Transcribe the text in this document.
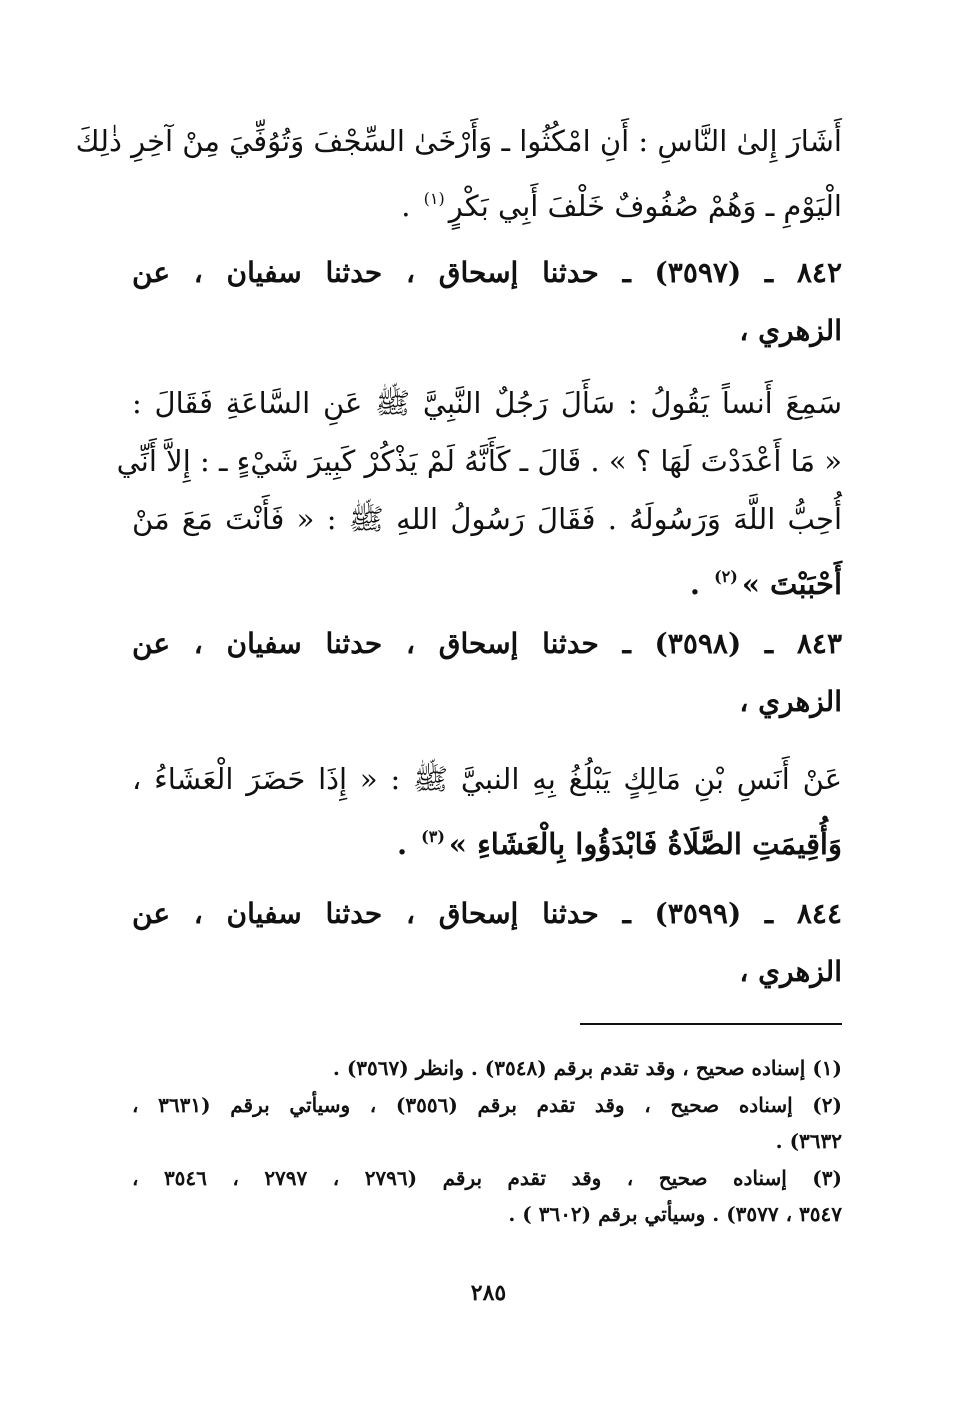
أَشَارَ إِلىٰ النَّاسِ : أَنِ امْكُثُوا ـ وَأَرْخَىٰ السِّجْفَ وَتُوُفِّيَ مِنْ آخِرِ ذٰلِكَ
الْيَوْمِ ـ وَهُمْ صُفُوفٌ خَلْفَ أَبِي بَكْرٍ$^{(١)}$ .
٨٤٢ ـ (٣٥٩٧) ـ حدثنا إسحاق ، حدثنا سفيان ، عن
الزهري ،
سَمِعَ أَنساً يَقُولُ : سَأَلَ رَجُلٌ النَّبِيَّ ﷺ عَنِ السَّاعَةِ فَقَالَ :
« مَا أَعْدَدْتَ لَهَا ؟ » . قَالَ ـ كَأَنَّهُ لَمْ يَذْكُرْ كَبِيرَ شَيْءٍ ـ : إِلاَّ أَنِّي
أُحِبُّ اللَّهَ وَرَسُولَهُ . فَقَالَ رَسُولُ اللهِ ﷺ : « فَأَنْتَ مَعَ مَنْ
أَحْبَبْتَ »$^{(٢)}$ .
٨٤٣ ـ (٣٥٩٨) ـ حدثنا إسحاق ، حدثنا سفيان ، عن
الزهري ،
عَنْ أَنَسِ بْنِ مَالِكٍ يَبْلُغُ بِهِ النبيَّ ﷺ : « إِذَا حَضَرَ الْعَشَاءُ ،
وَأُقِيمَتِ الصَّلَاةُ فَابْدَؤُوا بِالْعَشَاءِ »$^{(٣)}$ .
٨٤٤ ـ (٣٥٩٩) ـ حدثنا إسحاق ، حدثنا سفيان ، عن
الزهري ،
(١) إسناده صحيح ، وقد تقدم برقم (٣٥٤٨) . وانظر (٣٥٦٧) .
(٢) إسناده صحيح ، وقد تقدم برقم (٣٥٥٦) ، وسيأتي برقم (٣٦٣١ ،
٣٦٣٢) .
(٣) إسناده صحيح ، وقد تقدم برقم (٢٧٩٦ ، ٢٧٩٧ ، ٣٥٤٦ ،
٣٥٤٧ ، ٣٥٧٧) . وسيأتي برقم (٣٦٠٢ ) .
٢٨٥
